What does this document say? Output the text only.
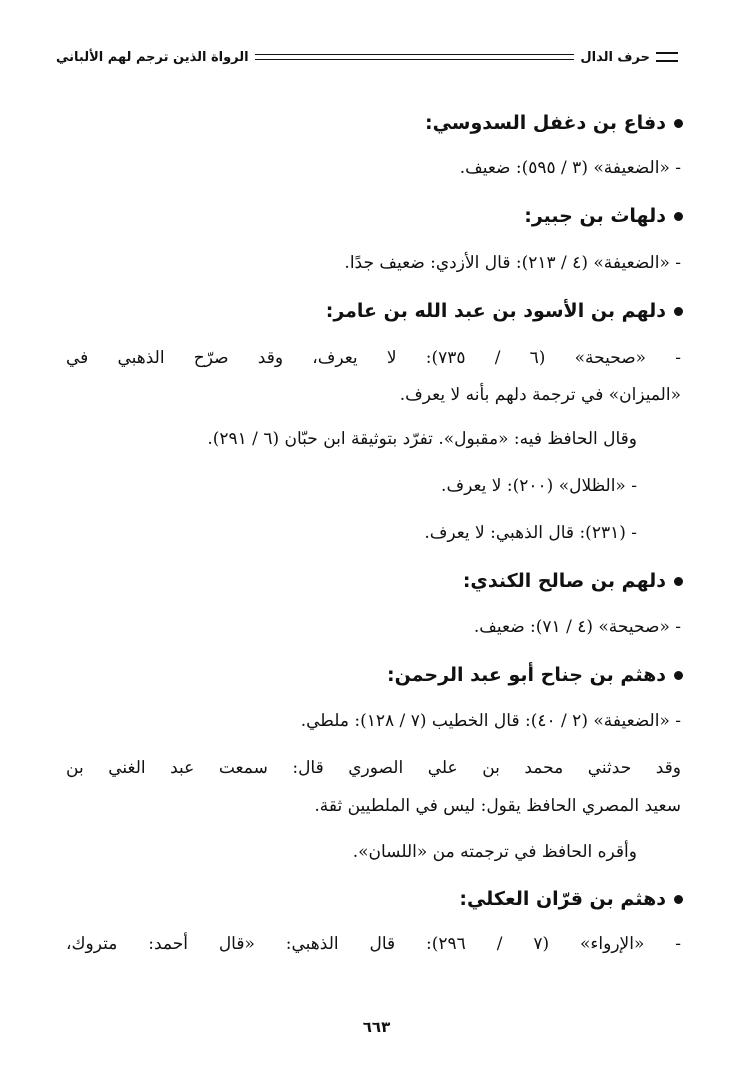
حرف الدال
الرواة الذين ترجم لهم الألباني
دفاع بن دغفل السدوسي:
- «الضعيفة» (٣ / ٥٩٥): ضعيف.
دلهاث بن جبير:
- «الضعيفة» (٤ / ٢١٣): قال الأزدي: ضعيف جدًا.
دلهم بن الأسود بن عبد الله بن عامر:
- «صحيحة» (٦ / ٧٣٥): لا يعرف، وقد صرّح الذهبي في
«الميزان» في ترجمة دلهم بأنه لا يعرف.
وقال الحافظ فيه: «مقبول». تفرّد بتوثيقة ابن حبّان (٦ / ٢٩١).
- «الظلال» (٢٠٠): لا يعرف.
- (٢٣١): قال الذهبي: لا يعرف.
دلهم بن صالح الكندي:
- «صحيحة» (٤ / ٧١): ضعيف.
دهثم بن جناح أبو عبد الرحمن:
- «الضعيفة» (٢ / ٤٠): قال الخطيب (٧ / ١٢٨): ملطي.
وقد حدثني محمد بن علي الصوري قال: سمعت عبد الغني بن
سعيد المصري الحافظ يقول: ليس في الملطيين ثقة.
وأقره الحافظ في ترجمته من «اللسان».
دهثم بن قرّان العكلي:
- «الإرواء» (٧ / ٢٩٦): قال الذهبي: «قال أحمد: متروك،
٦٦٣
